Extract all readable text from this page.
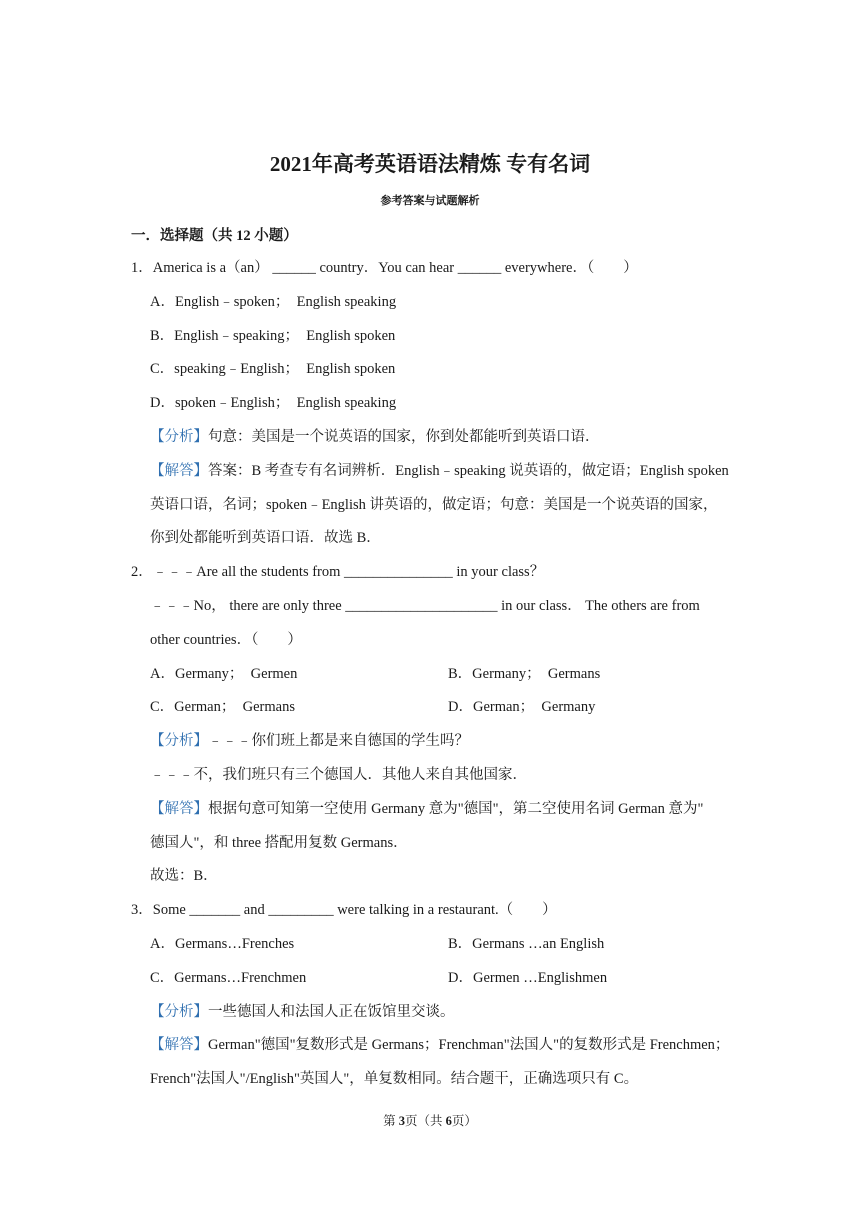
2021年高考英语语法精炼 专有名词
参考答案与试题解析
一．选择题（共 12 小题）
1．America is a（an） ______ country．You can hear ______ everywhere．（　　）
A．English﹣spoken；　English speaking
B．English﹣speaking；　English spoken
C．speaking﹣English；　English spoken
D．spoken﹣English；　English speaking
【分析】句意：美国是一个说英语的国家，你到处都能听到英语口语．
【解答】答案：B 考查专有名词辨析．English﹣speaking 说英语的，做定语；English spoken
英语口语，名词；spoken﹣English 讲英语的，做定语；句意：美国是一个说英语的国家，
你到处都能听到英语口语．故选 B．
2．﹣﹣﹣Are all the students from _______________ in your class？
﹣﹣﹣No， there are only three _____________________ in our class． The others are from
other countries．（　　）
A．Germany；　Germen	B．Germany；　Germans
C．German；　Germans	D．German；　Germany
【分析】﹣﹣﹣你们班上都是来自德国的学生吗？
﹣﹣﹣不，我们班只有三个德国人．其他人来自其他国家．
【解答】根据句意可知第一空使用 Germany 意为"德国"，第二空使用名词 German 意为"
德国人"，和 three 搭配用复数 Germans．
故选：B．
3．Some _______ and _________ were talking in a restaurant.（　　）
A．Germans…Frenches	B．Germans …an English
C．Germans…Frenchmen	D．Germen …Englishmen
【分析】一些德国人和法国人正在饭馆里交谈。
【解答】German"德国"复数形式是 Germans；Frenchman"法国人"的复数形式是 Frenchmen；
French"法国人"/English"英国人"，单复数相同。结合题干，正确选项只有 C。
第 3页（共 6页）
